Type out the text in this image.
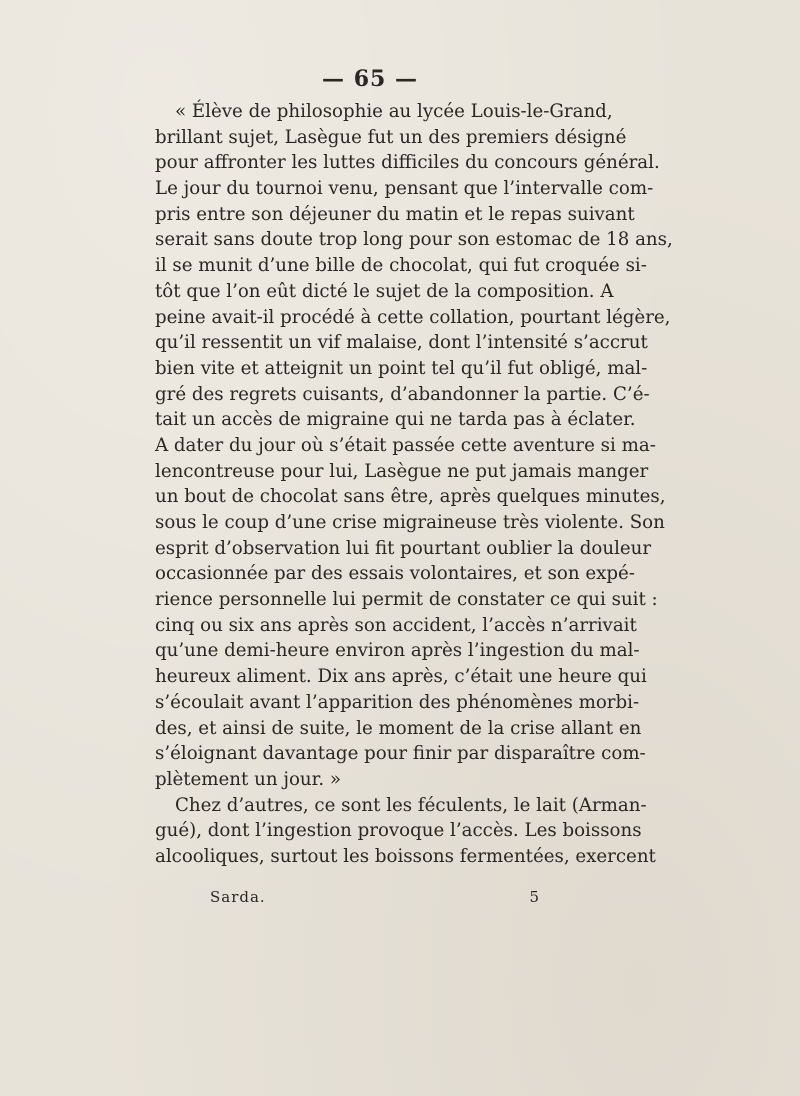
— 65 —
« Élève de philosophie au lycée Louis-le-Grand,
brillant sujet, Lasègue fut un des premiers désigné
pour affronter les luttes difficiles du concours général.
Le jour du tournoi venu, pensant que l’intervalle com-
pris entre son déjeuner du matin et le repas suivant
serait sans doute trop long pour son estomac de 18 ans,
il se munit d’une bille de chocolat, qui fut croquée si-
tôt que l’on eût dicté le sujet de la composition. A
peine avait-il procédé à cette collation, pourtant légère,
qu’il ressentit un vif malaise, dont l’intensité s’accrut
bien vite et atteignit un point tel qu’il fut obligé, mal-
gré des regrets cuisants, d’abandonner la partie. C’é-
tait un accès de migraine qui ne tarda pas à éclater.
A dater du jour où s’était passée cette aventure si ma-
lencontreuse pour lui, Lasègue ne put jamais manger
un bout de chocolat sans être, après quelques minutes,
sous le coup d’une crise migraineuse très violente. Son
esprit d’observation lui fit pourtant oublier la douleur
occasionnée par des essais volontaires, et son expé-
rience personnelle lui permit de constater ce qui suit :
cinq ou six ans après son accident, l’accès n’arrivait
qu’une demi-heure environ après l’ingestion du mal-
heureux aliment. Dix ans après, c’était une heure qui
s’écoulait avant l’apparition des phénomènes morbi-
des, et ainsi de suite, le moment de la crise allant en
s’éloignant davantage pour finir par disparaître com-
plètement un jour. »
Chez d’autres, ce sont les féculents, le lait (Arman-
gué), dont l’ingestion provoque l’accès. Les boissons
alcooliques, surtout les boissons fermentées, exercent
Sarda.	5
